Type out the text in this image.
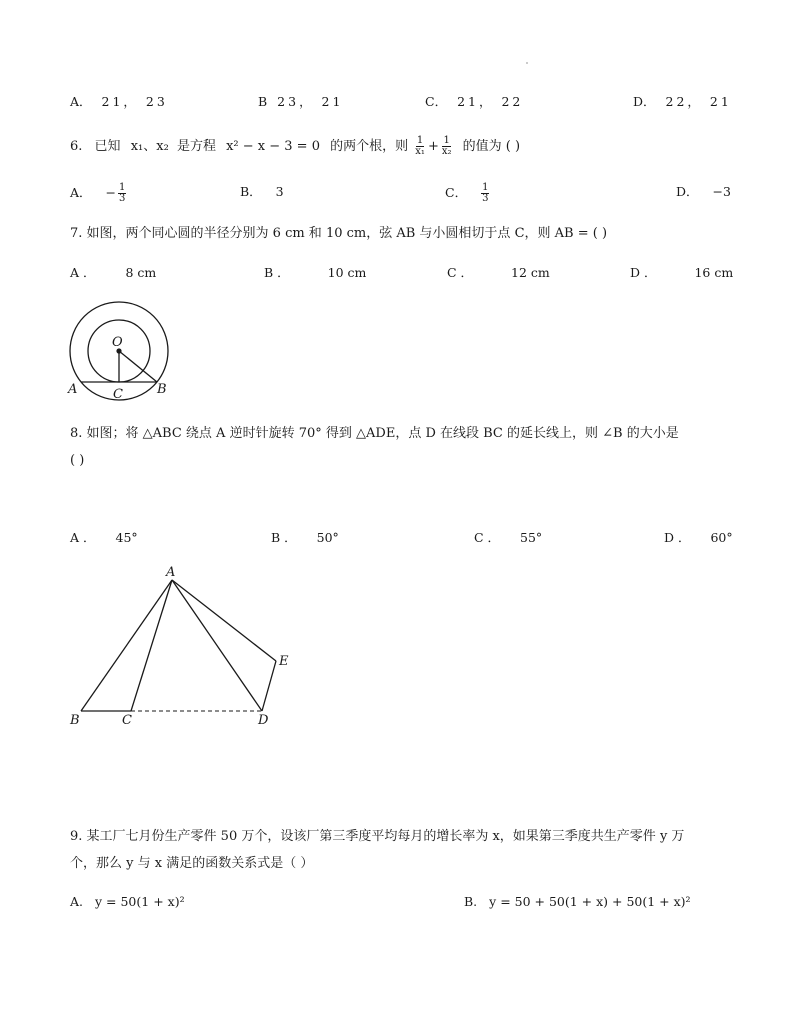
A． 21， 23	B 23， 21	C． 21， 22	D． 22， 21
6. 已知 x₁、x₂ 是方程 x² − x − 3 = 0 的两个根，则 $\frac{1}{\text{x₁}} + \frac{1}{\text{x₂}}$ 的值为 ( )
A． − $\frac{1}{3}$	B． 3	C． $\frac{1}{3}$	D． −3
7. 如图，两个同心圆的半径分别为 6 cm 和 10 cm，弦 AB 与小圆相切于点 C，则 AB = ( )
A ． 8 cm	B ．	10 cm	C ．	12 cm	D ．	16 cm
O
A	B
C
8. 如图；将 △ABC 绕点 A 逆时针旋转 70° 得到 △ADE，点 D 在线段 BC 的延长线上，则 ∠B 的大小是
( )
A ． 45°	B ． 50°	C ． 55°	D ． 60°
A
B	C	D
E
9. 某工厂七月份生产零件 50 万个，设该厂第三季度平均每月的增长率为 x，如果第三季度共生产零件 y 万
个，那么 y 与 x 满足的函数关系式是（ ）
A. y = 50(1 + x)²	B. y = 50 + 50(1 + x) + 50(1 + x)²
